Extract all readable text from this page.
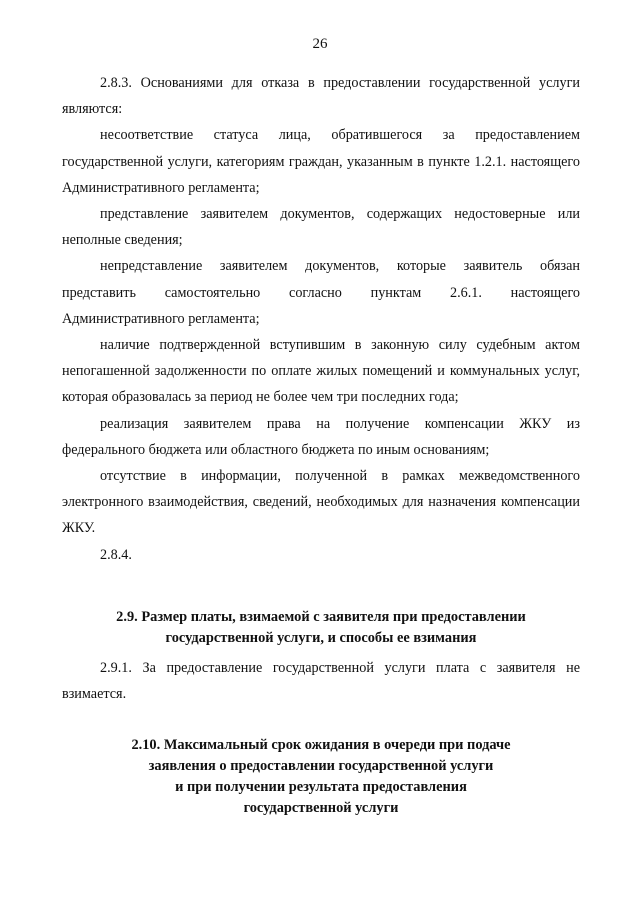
26

2.8.3. Основаниями для отказа в предоставлении государственной услуги являются:

несоответствие статуса лица, обратившегося за предоставлением государственной услуги, категориям граждан, указанным в пункте 1.2.1. настоящего Административного регламента;

представление заявителем документов, содержащих недостоверные или неполные сведения;

непредставление заявителем документов, которые заявитель обязан представить самостоятельно согласно пунктам 2.6.1. настоящего Административного регламента;

наличие подтвержденной вступившим в законную силу судебным актом непогашенной задолженности по оплате жилых помещений и коммунальных услуг, которая образовалась за период не более чем три последних года;

реализация заявителем права на получение компенсации ЖКУ из федерального бюджета или областного бюджета по иным основаниям;

отсутствие в информации, полученной в рамках межведомственного электронного взаимодействия, сведений, необходимых для назначения компенсации ЖКУ.

2.8.4.

2.9. Размер платы, взимаемой с заявителя при предоставлении
государственной услуги, и способы ее взимания

2.9.1. За предоставление государственной услуги плата с заявителя не взимается.

2.10. Максимальный срок ожидания в очереди при подаче
заявления о предоставлении государственной услуги
и при получении результата предоставления
государственной услуги
